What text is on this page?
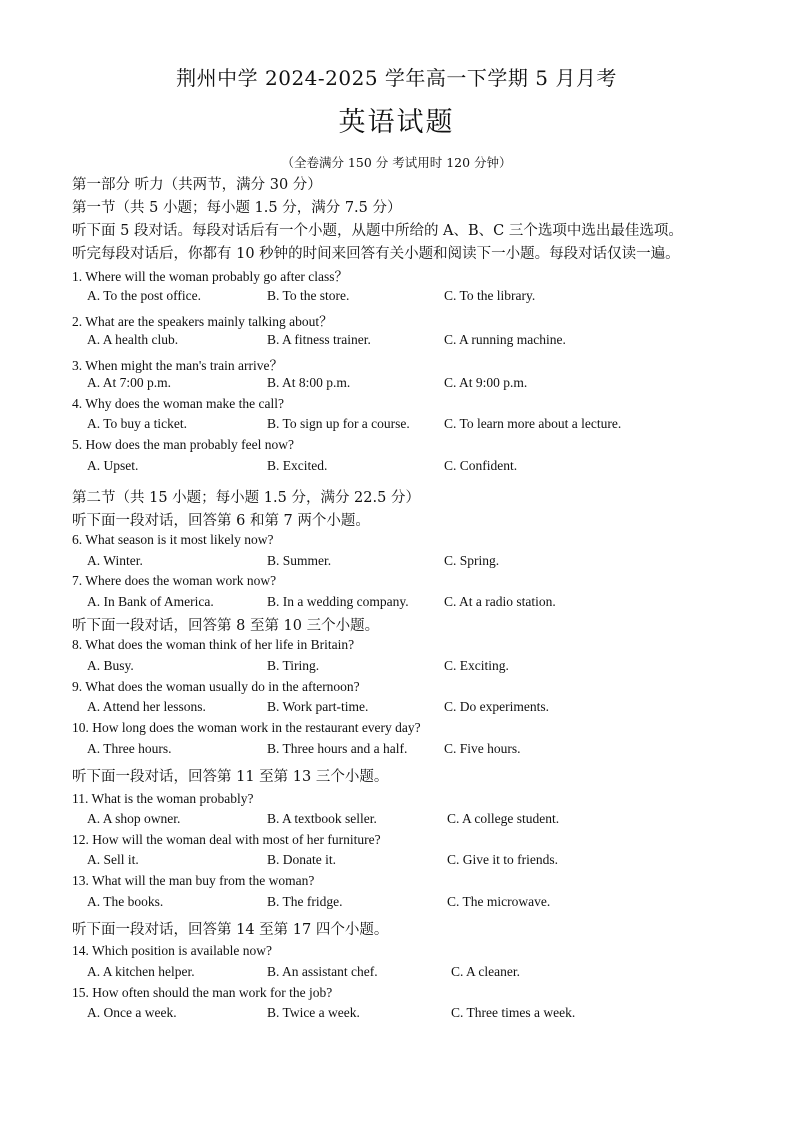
荆州中学 2024-2025 学年高一下学期 5 月月考
英语试题
（全卷满分 150 分 考试用时 120 分钟）
第一部分 听力（共两节，满分 30 分）
第一节（共 5 小题；每小题 1.5 分，满分 7.5 分）
听下面 5 段对话。每段对话后有一个小题，从题中所给的 A、B、C 三个选项中选出最佳选项。
听完每段对话后，你都有 10 秒钟的时间来回答有关小题和阅读下一小题。每段对话仅读一遍。
1. Where will the woman probably go after class？
A. To the post office.	B. To the store.	C. To the library.
2. What are the speakers mainly talking about？
A. A health club.	B. A fitness trainer.	C. A running machine.
3. When might the man's train arrive？
A. At 7:00 p.m.	B. At 8:00 p.m.	C. At 9:00 p.m.
4. Why does the woman make the call?
A. To buy a ticket.	B. To sign up for a course.	C. To learn more about a lecture.
5. How does the man probably feel now?
A. Upset.	B. Excited.	C. Confident.
第二节（共 15 小题；每小题 1.5 分，满分 22.5 分）
听下面一段对话，回答第 6 和第 7 两个小题。
6. What season is it most likely now?
A. Winter.	B. Summer.	C. Spring.
7. Where does the woman work now?
A. In Bank of America.	B. In a wedding company.	C. At a radio station.
听下面一段对话，回答第 8 至第 10 三个小题。
8. What does the woman think of her life in Britain?
A. Busy.	B. Tiring.	C. Exciting.
9. What does the woman usually do in the afternoon?
A. Attend her lessons.	B. Work part-time.	C. Do experiments.
10. How long does the woman work in the restaurant every day?
A. Three hours.	B. Three hours and a half.	C. Five hours.
听下面一段对话，回答第 11 至第 13 三个小题。
11. What is the woman probably?
A. A shop owner.	B. A textbook seller.	C. A college student.
12. How will the woman deal with most of her furniture?
A. Sell it.	B. Donate it.	C. Give it to friends.
13. What will the man buy from the woman?
A. The books.	B. The fridge.	C. The microwave.
听下面一段对话，回答第 14 至第 17 四个小题。
14. Which position is available now?
A. A kitchen helper.	B. An assistant chef.	C. A cleaner.
15. How often should the man work for the job?
A. Once a week.	B. Twice a week.	C. Three times a week.
